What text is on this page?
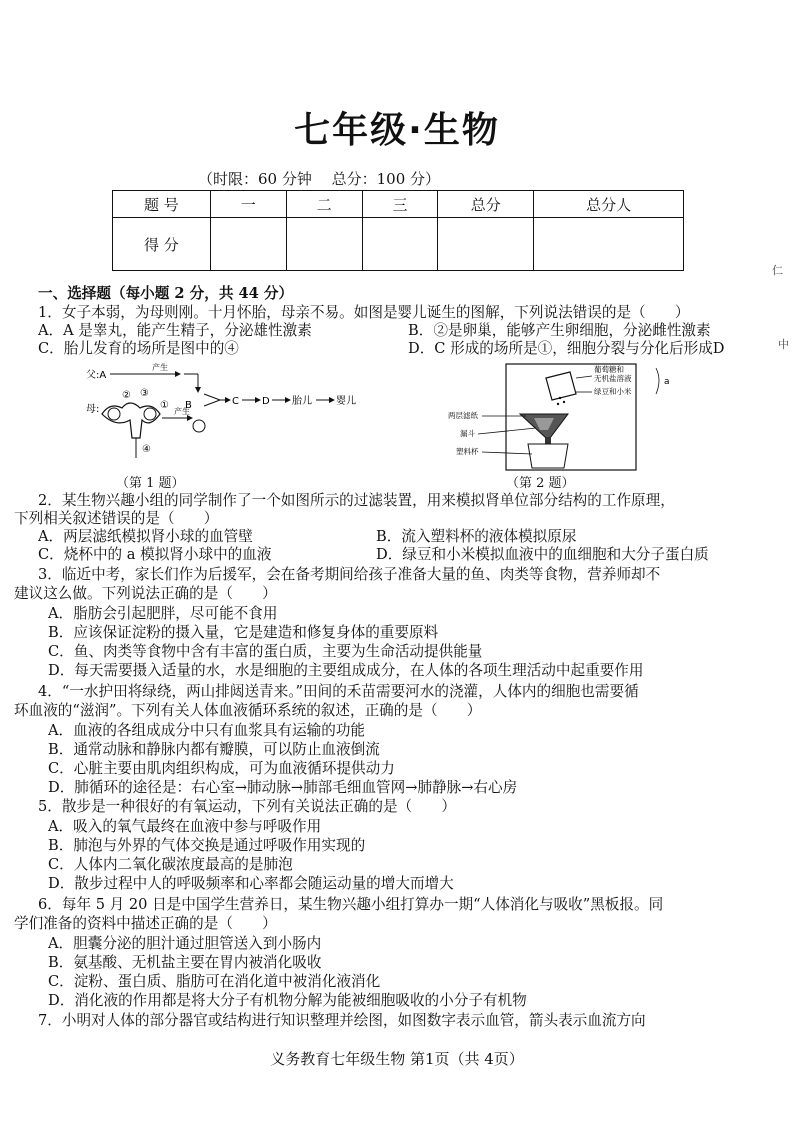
七年级·生物
（时限：60 分钟　 总分：100 分）
题 号	一	二	三	总分	总分人
得 分					
仁
中
一、选择题（每小题 2 分，共 44 分）
1．女子本弱，为母则刚。十月怀胎，母亲不易。如图是婴儿诞生的图解，下列说法错误的是（　　）
A．A 是睾丸，能产生精子，分泌雄性激素	B．②是卵巢，能够产生卵细胞，分泌雌性激素
C．胎儿发育的场所是图中的④	D．C 形成的场所是①，细胞分裂与分化后形成D
父:A
产生
母:
③
②
①
④
产生
B	C D 胎儿 婴儿
（第 1 题）
葡萄糖和
无机盐溶液
绿豆和小米
a
两层滤纸
漏斗
塑料杯
（第 2 题）
2．某生物兴趣小组的同学制作了一个如图所示的过滤装置，用来模拟肾单位部分结构的工作原理，
下列相关叙述错误的是（　　）
A．两层滤纸模拟肾小球的血管壁	B．流入塑料杯的液体模拟原尿
C．烧杯中的 a 模拟肾小球中的血液	D．绿豆和小米模拟血液中的血细胞和大分子蛋白质
3．临近中考，家长们作为后援军，会在备考期间给孩子准备大量的鱼、肉类等食物，营养师却不
建议这么做。下列说法正确的是（　　）
A．脂肪会引起肥胖，尽可能不食用
B．应该保证淀粉的摄入量，它是建造和修复身体的重要原料
C．鱼、肉类等食物中含有丰富的蛋白质，主要为生命活动提供能量
D．每天需要摄入适量的水，水是细胞的主要组成成分，在人体的各项生理活动中起重要作用
4．“一水护田将绿绕，两山排闼送青来。”田间的禾苗需要河水的浇灌，人体内的细胞也需要循
环血液的“滋润”。下列有关人体血液循环系统的叙述，正确的是（　　）
A．血液的各组成成分中只有血浆具有运输的功能
B．通常动脉和静脉内都有瓣膜，可以防止血液倒流
C．心脏主要由肌肉组织构成，可为血液循环提供动力
D．肺循环的途径是：右心室→肺动脉→肺部毛细血管网→肺静脉→右心房
5．散步是一种很好的有氧运动，下列有关说法正确的是（　　）
A．吸入的氧气最终在血液中参与呼吸作用
B．肺泡与外界的气体交换是通过呼吸作用实现的
C．人体内二氧化碳浓度最高的是肺泡
D．散步过程中人的呼吸频率和心率都会随运动量的增大而增大
6．每年 5 月 20 日是中国学生营养日，某生物兴趣小组打算办一期“人体消化与吸收”黑板报。同
学们准备的资料中描述正确的是（　　）
A．胆囊分泌的胆汁通过胆管送入到小肠内
B．氨基酸、无机盐主要在胃内被消化吸收
C．淀粉、蛋白质、脂肪可在消化道中被消化液消化
D．消化液的作用都是将大分子有机物分解为能被细胞吸收的小分子有机物
7．小明对人体的部分器官或结构进行知识整理并绘图，如图数字表示血管，箭头表示血流方向
义务教育七年级生物 第1页（共 4页）
